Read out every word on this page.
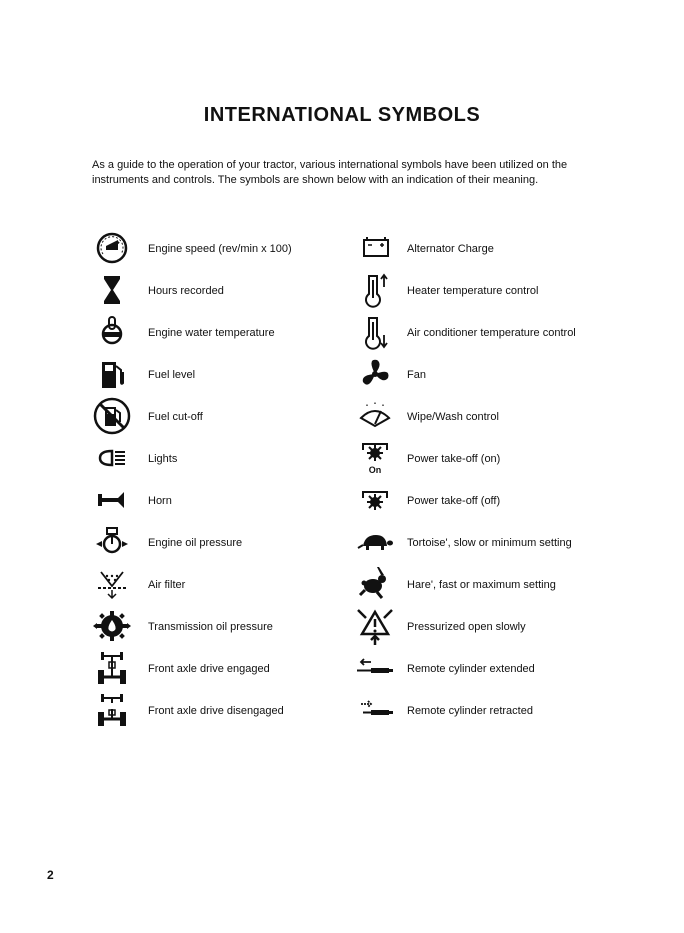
INTERNATIONAL SYMBOLS

As a guide to the operation of your tractor, various international symbols have been utilized on the instruments and controls. The symbols are shown below with an indication of their meaning.

Engine speed (rev/min x 100)
Hours recorded
Engine water temperature
Fuel level
Fuel cut-off
Lights
Horn
Engine oil pressure
Air filter
Transmission oil pressure
Front axle drive engaged
Front axle drive disengaged
Alternator Charge
Heater temperature control
Air conditioner temperature control
Fan
Wipe/Wash control
On
Power take-off (on)
Power take-off (off)
Tortoise', slow or minimum setting
Hare', fast or maximum setting
Pressurized open slowly
Remote cylinder extended
Remote cylinder retracted
2
